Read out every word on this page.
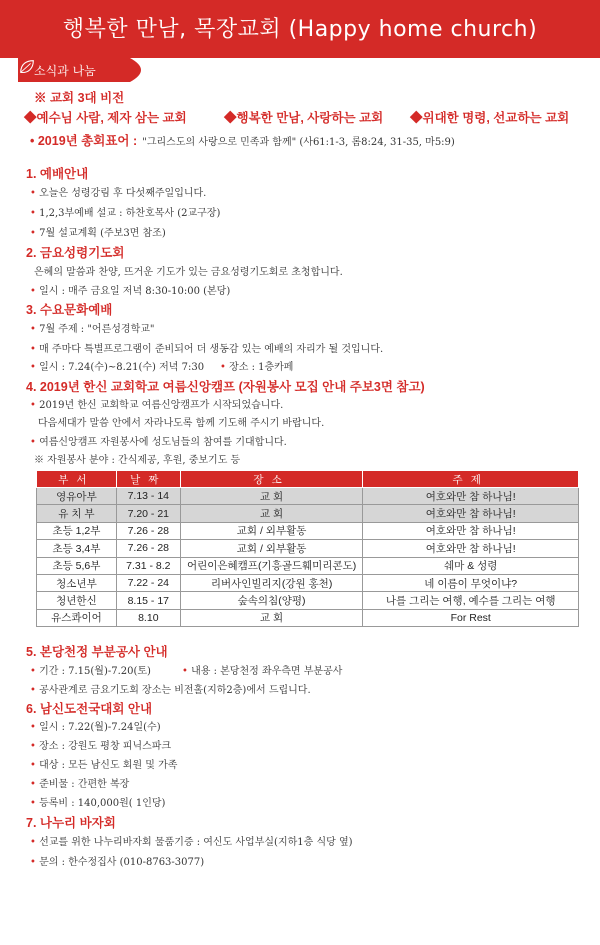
행복한 만남, 목장교회 (Happy home church)
소식과 나눔
※ 교회 3대 비전
◆예수님 사람, 제자 삼는 교회	◆행복한 만남, 사랑하는 교회 ◆위대한 명령, 선교하는 교회
• 2019년 총회표어 : "그리스도의 사랑으로 민족과 함께" (사61:1-3, 롬8:24, 31-35, 마5:9)
1. 예배안내
• 오늘은 성령강림 후 다섯째주일입니다.
• 1,2,3부예배 설교 : 하찬호목사 (2교구장)
• 7월 설교계획 (주보3면 참조)
2. 금요성령기도회
은혜의 말씀과 찬양, 뜨거운 기도가 있는 금요성령기도회로 초청합니다.
• 일시 : 매주 금요일 저녁 8:30-10:00 (본당)
3. 수요문화예배
• 7월 주제 : "어른성경학교"
• 매 주마다 특별프로그램이 준비되어 더 생동감 있는 예배의 자리가 될 것입니다.
• 일시 : 7.24(수)~8.21(수) 저녁 7:30	• 장소 : 1층카페
4. 2019년 한신 교회학교 여름신앙캠프 (자원봉사 모집 안내 주보3면 참고)
• 2019년 한신 교회학교 여름신앙캠프가 시작되었습니다.
다음세대가 말씀 안에서 자라나도록 함께 기도해 주시기 바랍니다.
• 여름신앙캠프 자원봉사에 성도님들의 참여를 기대합니다.
※ 자원봉사 분야 : 간식제공, 후원, 중보기도 등
부서	날짜	장소	주제
영유아부	7.13 - 14	교 회	여호와만 참 하나님!
유 치 부	7.20 - 21	교 회	여호와만 참 하나님!
초등 1,2부	7.26 - 28	교회 / 외부활동	여호와만 참 하나님!
초등 3,4부	7.26 - 28	교회 / 외부활동	여호와만 참 하나님!
초등 5,6부	7.31 - 8.2	어린이은혜캠프(기흥골드훼미리콘도)	쉐마 & 성령
청소년부	7.22 - 24	리버사인빌리지(강원 홍천)	네 이름이 무엇이냐?
청년한신	8.15 - 17	숲속의침(양평)	나를 그리는 여행, 예수를 그리는 여행
유스콰이어	8.10	교 회	For Rest
5. 본당천정 부분공사 안내
• 기간 : 7.15(월)-7.20(토)	• 내용 : 본당천정 좌우측면 부분공사
• 공사관계로 금요기도회 장소는 비전홀(지하2층)에서 드립니다.
6. 남신도전국대회 안내
• 일시 : 7.22(월)-7.24일(수)
• 장소 : 강원도 평창 피닉스파크
• 대상 : 모든 남신도 회원 및 가족
• 준비물 : 간편한 복장
• 등록비 : 140,000원( 1인당)
7. 나누리 바자회
• 선교를 위한 나누리바자회 물품기증 : 여신도 사업부실(지하1층 식당 옆)
• 문의 : 한수정집사 (010-8763-3077)
